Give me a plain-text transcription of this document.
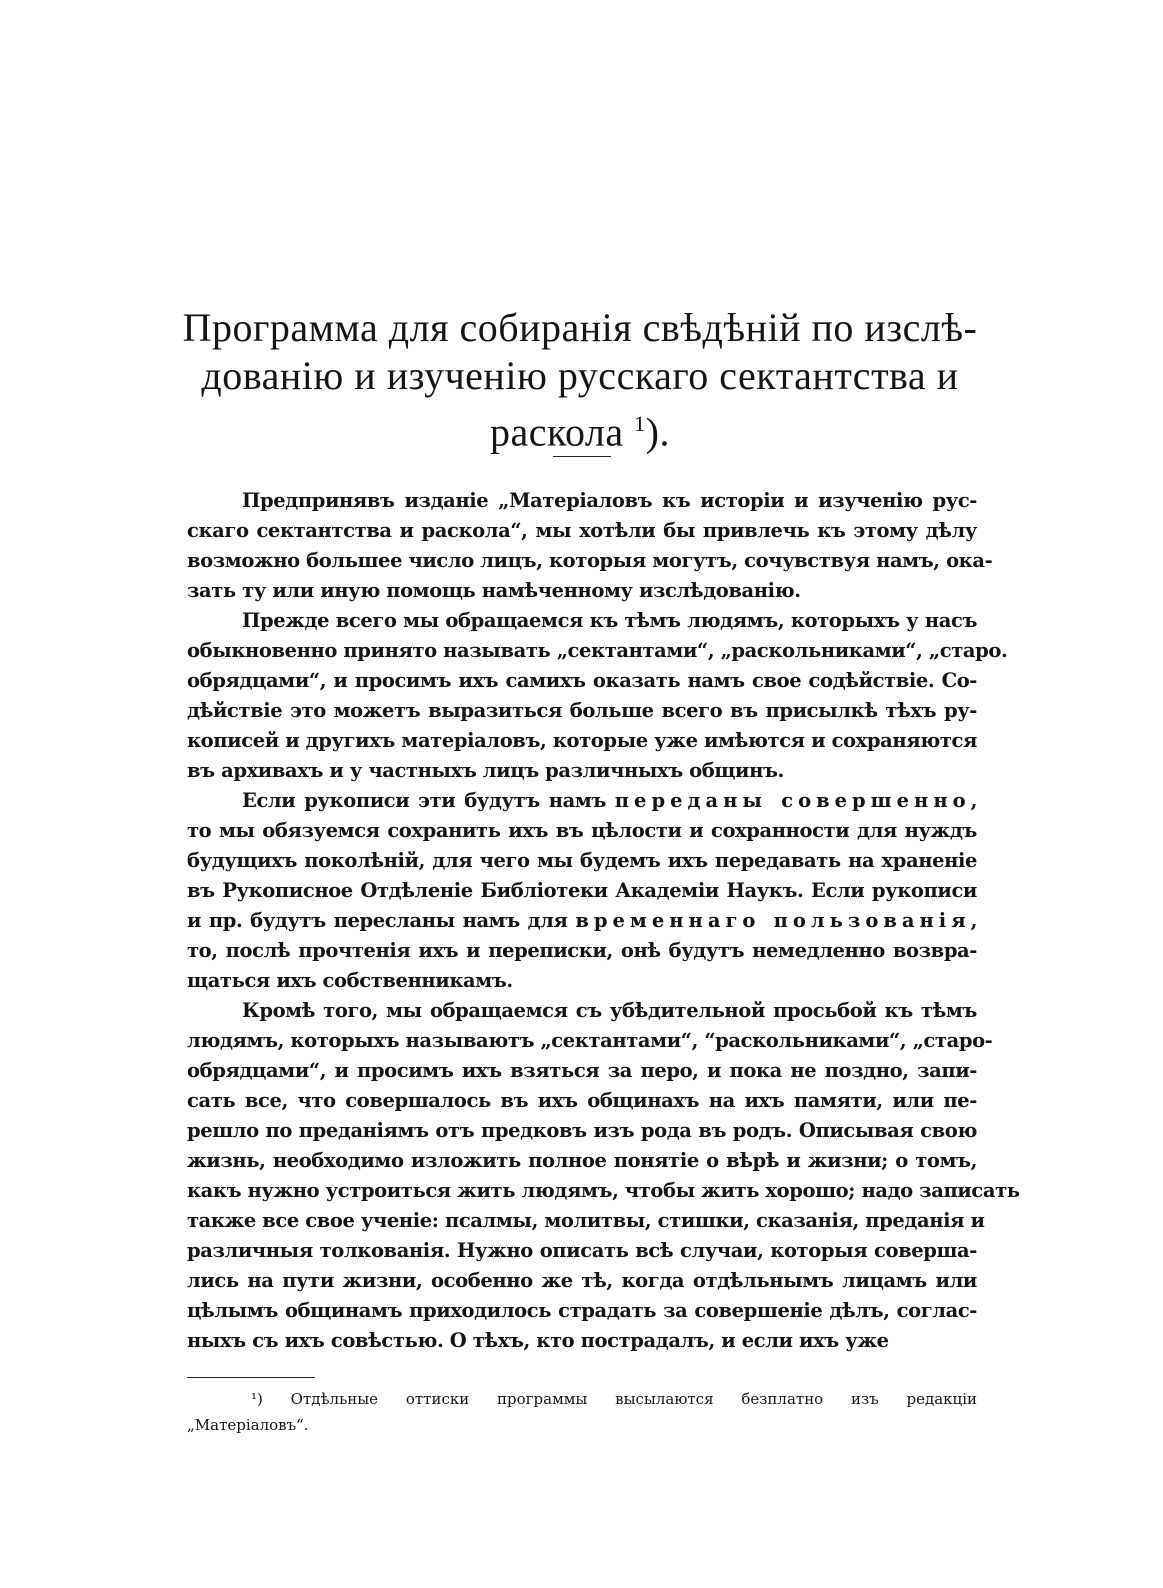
Программа для собиранія свѣдѣній по изслѣ-
дованію и изученію русскаго сектантства и
раскола $^1$).
Предпринявъ изданіе „Матеріаловъ къ исторіи и изученію рус-
скаго сектантства и раскола“, мы хотѣли бы привлечь къ этому дѣлу
возможно большее число лицъ, которыя могутъ, сочувствуя намъ, ока-
зать ту или иную помощь намѣченному изслѣдованію.
Прежде всего мы обращаемся къ тѣмъ людямъ, которыхъ у насъ
обыкновенно принято называть „сектантами“, „раскольниками“, „старо.
обрядцами“, и просимъ ихъ самихъ оказать намъ свое содѣйствіе. Со-
дѣйствіе это можетъ выразиться больше всего въ присылкѣ тѣхъ ру-
кописей и другихъ матеріаловъ, которые уже имѣются и сохраняются
въ архивахъ и у частныхъ лицъ различныхъ общинъ.
Если рукописи эти будутъ намъ переданы совершенно,
то мы обязуемся сохранить ихъ въ цѣлости и сохранности для нуждъ
будущихъ поколѣній, для чего мы будемъ ихъ передавать на храненіе
въ Рукописное Отдѣленіе Библіотеки Академіи Наукъ. Если рукописи
и пр. будутъ пересланы намъ для временнаго пользованія,
то, послѣ прочтенія ихъ и переписки, онѣ будутъ немедленно возвра-
щаться ихъ собственникамъ.
Кромѣ того, мы обращаемся съ убѣдительной просьбой къ тѣмъ
людямъ, которыхъ называютъ „сектантами“, “раскольниками“, „старо-
обрядцами“, и просимъ ихъ взяться за перо, и пока не поздно, запи-
сать все, что совершалось въ ихъ общинахъ на ихъ памяти, или пе-
решло по преданіямъ отъ предковъ изъ рода въ родъ. Описывая свою
жизнь, необходимо изложить полное понятіе о вѣрѣ и жизни; о томъ,
какъ нужно устроиться жить людямъ, чтобы жить хорошо; надо записать
также все свое ученіе: псалмы, молитвы, стишки, сказанія, преданія и
различныя толкованія. Нужно описать всѣ случаи, которыя соверша-
лись на пути жизни, особенно же тѣ, когда отдѣльнымъ лицамъ или
цѣлымъ общинамъ приходилось страдать за совершеніе дѣлъ, соглас-
ныхъ съ ихъ совѣстью. О тѣхъ, кто пострадалъ, и если ихъ уже
¹) Отдѣльные оттиски программы высылаются безплатно изъ редакціи
„Матеріаловъ“.
